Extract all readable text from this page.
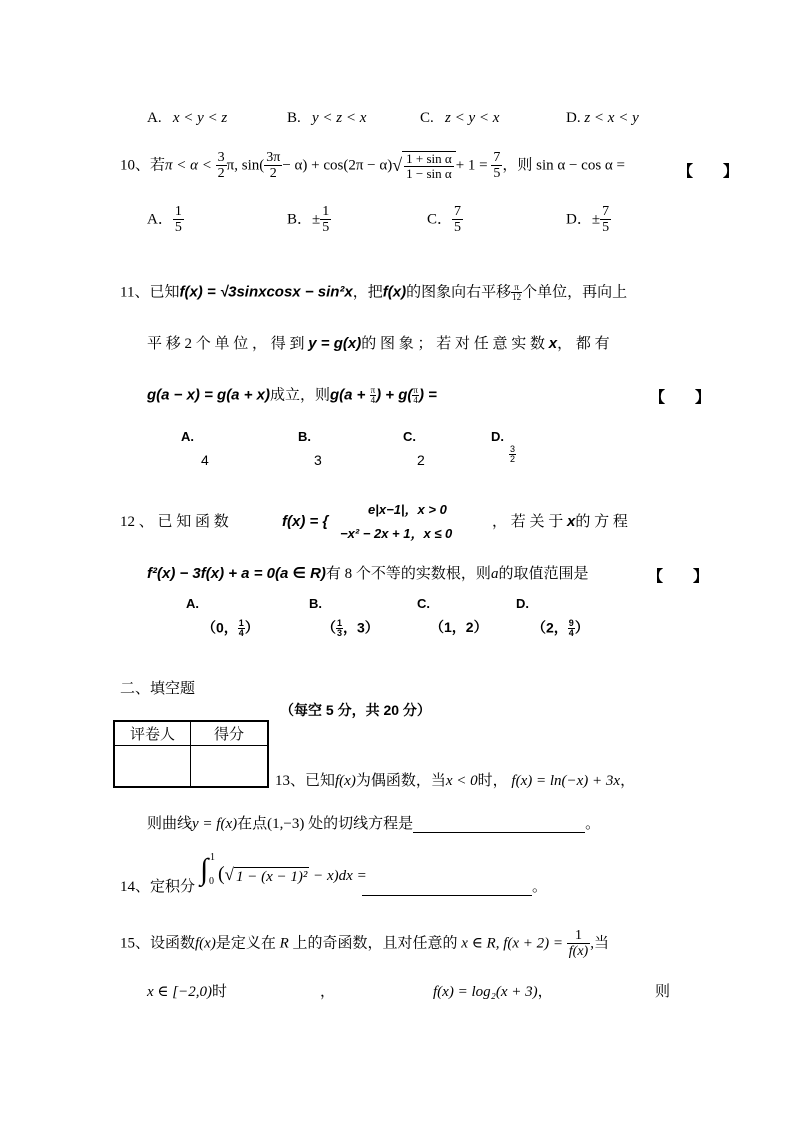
A. x < y < z	B. y < z < x	C. z < y < x	D. z < x < y
10、若$\pi < \alpha < \frac{3}{2} \pi$, $\sin( \frac{3\pi}{2} - \alpha) + \cos(2\pi - \alpha)√ \frac{\text{1 + sin α}}{\text{1 − sin α}} + 1 = \frac{7}{5}$ ，则 sin α − cos α =	【　　】
A． $\frac{1}{5}$	B．± $\frac{1}{5}$	C． $\frac{7}{5}$	D．± $\frac{7}{5}$
11、已知f(x) = √3sinxcosx − sin²x，把f(x)的图象向右平移 $\frac{\pi}{12}$ 个单位，再向上
平 移 2 个 单 位 ， 得 到 y = g(x)的 图 象 ； 若 对 任 意 实 数 x， 都 有
g(a − x) = g(a + x)成立，则$g(a + \frac{\pi}{4}$ ) + $g( \frac{\pi}{4}$ ) =	【　　】
A.
4
B.
3
C.
2
D.
$\frac{3}{2}$
12 、 已 知 函 数	f(x) = {
e|x−1|，x > 0
−x² − 2x + 1，x ≤ 0
， 若 关 于 x的 方 程
f²(x) − 3f(x) + a = 0(a ∈ R)有 8 个不等的实数根，则a的取值范围是	【　　】
A.
（0， $\frac{1}{4}$ ）
B.
（ $\frac{1}{3}$ ，3）
C.
（1，2）
D.
（2， $\frac{9}{4}$ ）
二、填空题
（每空 5 分，共 20 分）
评卷人	得分

13、已知f(x)为偶函数，当x < 0时， f(x) = ln(−x) + 3x，
则曲线y = f(x)在点(1,−3) 处的切线方程是	。
14、定积分
∫ 1
0 (√ 1 − (x − 1)² − x)dx =
。
15、设函数f(x)是定义在 R 上的奇函数，且对任意的 x ∈ R, $f(x + 2) = \frac{1}{f(x)}$ ,当
x ∈ [−2,0)时	，	f(x) = log₂(x + 3)，	则
